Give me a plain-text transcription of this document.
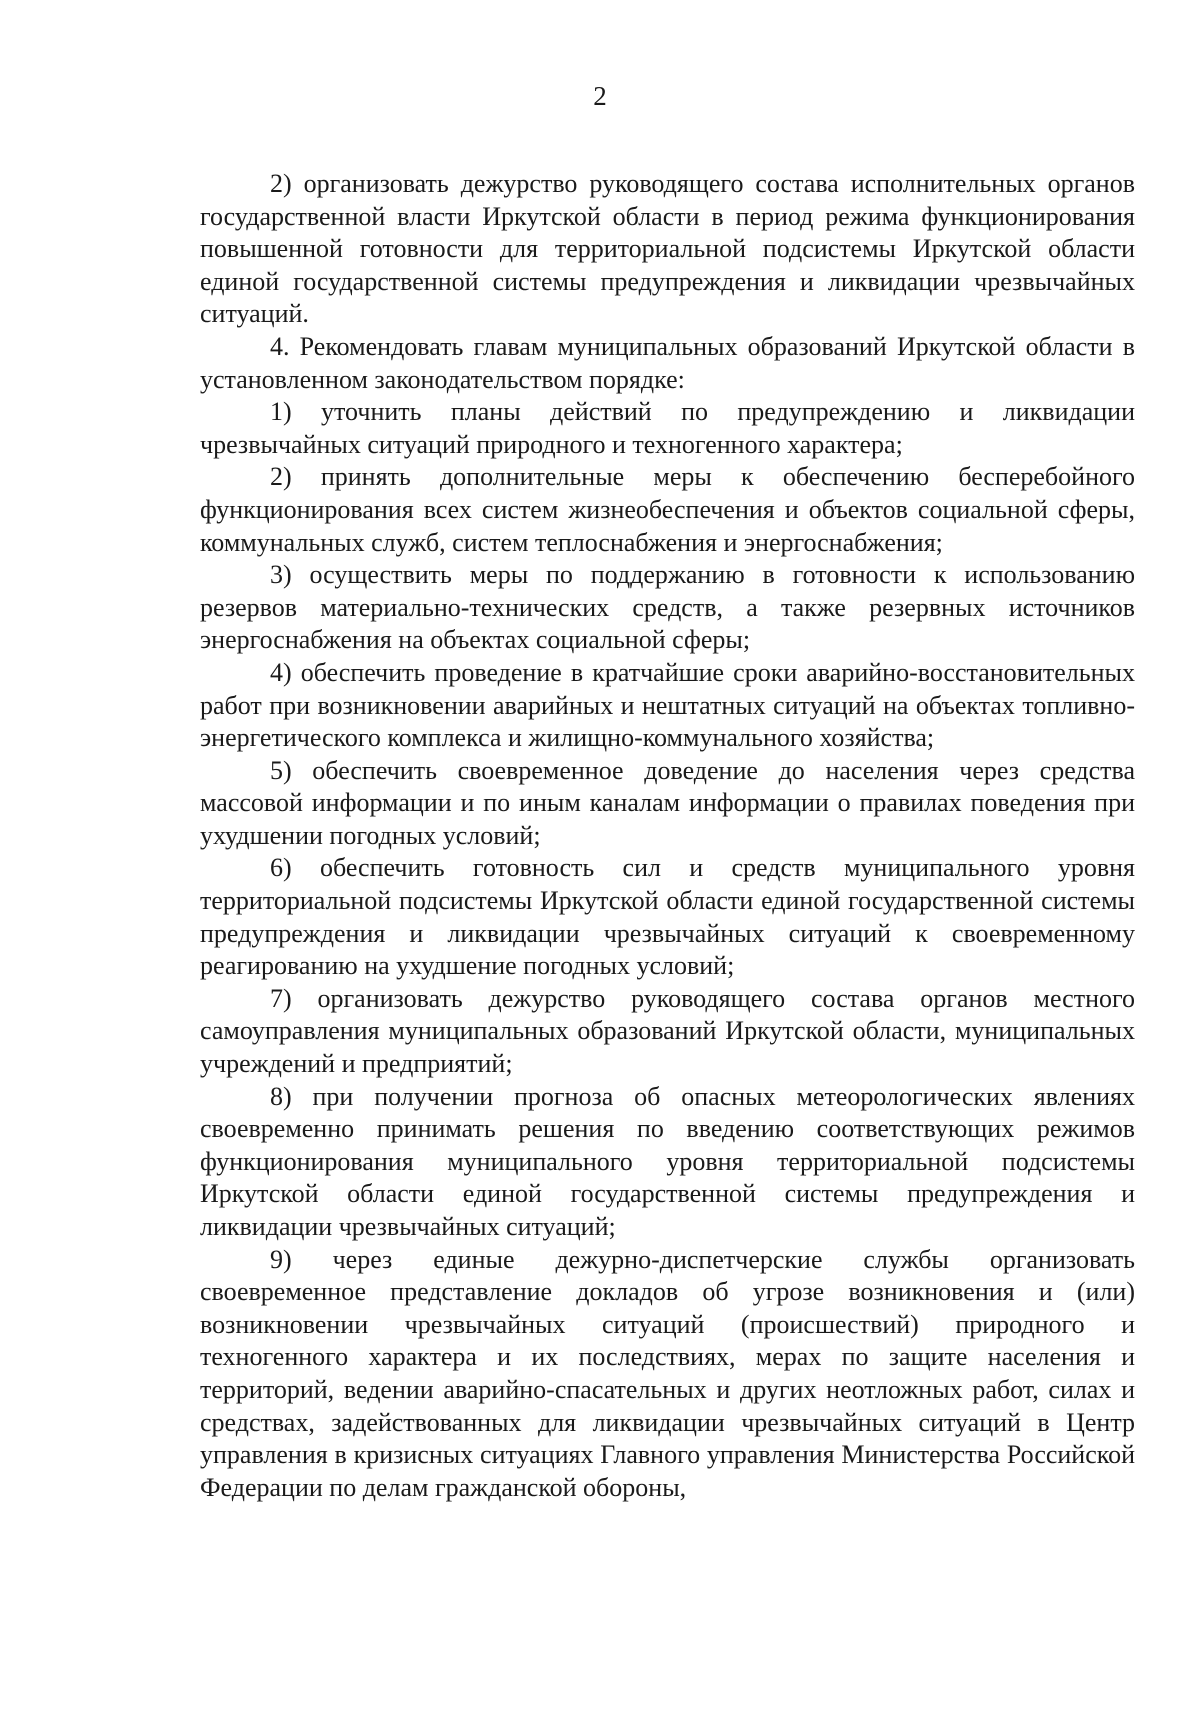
2

2) организовать дежурство руководящего состава исполнительных органов государственной власти Иркутской области в период режима функционирования повышенной готовности для территориальной подсистемы Иркутской области единой государственной системы предупреждения и ликвидации чрезвычайных ситуаций.

4. Рекомендовать главам муниципальных образований Иркутской области в установленном законодательством порядке:

1) уточнить планы действий по предупреждению и ликвидации чрезвычайных ситуаций природного и техногенного характера;

2) принять дополнительные меры к обеспечению бесперебойного функционирования всех систем жизнеобеспечения и объектов социальной сферы, коммунальных служб, систем теплоснабжения и энергоснабжения;

3) осуществить меры по поддержанию в готовности к использованию резервов материально-технических средств, а также резервных источников энергоснабжения на объектах социальной сферы;

4) обеспечить проведение в кратчайшие сроки аварийно-восстановительных работ при возникновении аварийных и нештатных ситуаций на объектах топливно-энергетического комплекса и жилищно-коммунального хозяйства;

5) обеспечить своевременное доведение до населения через средства массовой информации и по иным каналам информации о правилах поведения при ухудшении погодных условий;

6) обеспечить готовность сил и средств муниципального уровня территориальной подсистемы Иркутской области единой государственной системы предупреждения и ликвидации чрезвычайных ситуаций к своевременному реагированию на ухудшение погодных условий;

7) организовать дежурство руководящего состава органов местного самоуправления муниципальных образований Иркутской области, муниципальных учреждений и предприятий;

8) при получении прогноза об опасных метеорологических явлениях своевременно принимать решения по введению соответствующих режимов функционирования муниципального уровня территориальной подсистемы Иркутской области единой государственной системы предупреждения и ликвидации чрезвычайных ситуаций;

9) через единые дежурно-диспетчерские службы организовать своевременное представление докладов об угрозе возникновения и (или) возникновении чрезвычайных ситуаций (происшествий) природного и техногенного характера и их последствиях, мерах по защите населения и территорий, ведении аварийно-спасательных и других неотложных работ, силах и средствах, задействованных для ликвидации чрезвычайных ситуаций в Центр управления в кризисных ситуациях Главного управления Министерства Российской Федерации по делам гражданской обороны,
